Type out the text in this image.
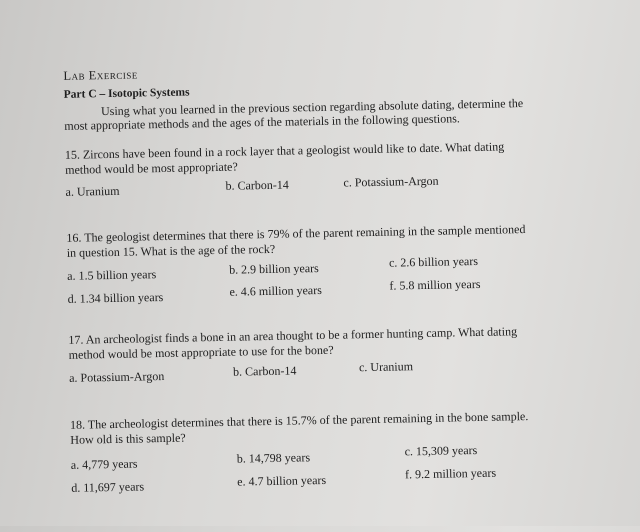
Lab Exercise
Part C – Isotopic Systems
Using what you learned in the previous section regarding absolute dating, determine the
most appropriate methods and the ages of the materials in the following questions.
15. Zircons have been found in a rock layer that a geologist would like to date. What dating
method would be most appropriate?
a. Uranium	b. Carbon-14	c. Potassium-Argon
16. The geologist determines that there is 79% of the parent remaining in the sample mentioned
in question 15. What is the age of the rock?
a. 1.5 billion years	b. 2.9 billion years	c. 2.6 billion years
d. 1.34 billion years	e. 4.6 million years	f. 5.8 million years
17. An archeologist finds a bone in an area thought to be a former hunting camp. What dating
method would be most appropriate to use for the bone?
a. Potassium-Argon	b. Carbon-14	c. Uranium
18. The archeologist determines that there is 15.7% of the parent remaining in the bone sample.
How old is this sample?
a. 4,779 years	b. 14,798 years	c. 15,309 years
d. 11,697 years	e. 4.7 billion years	f. 9.2 million years
